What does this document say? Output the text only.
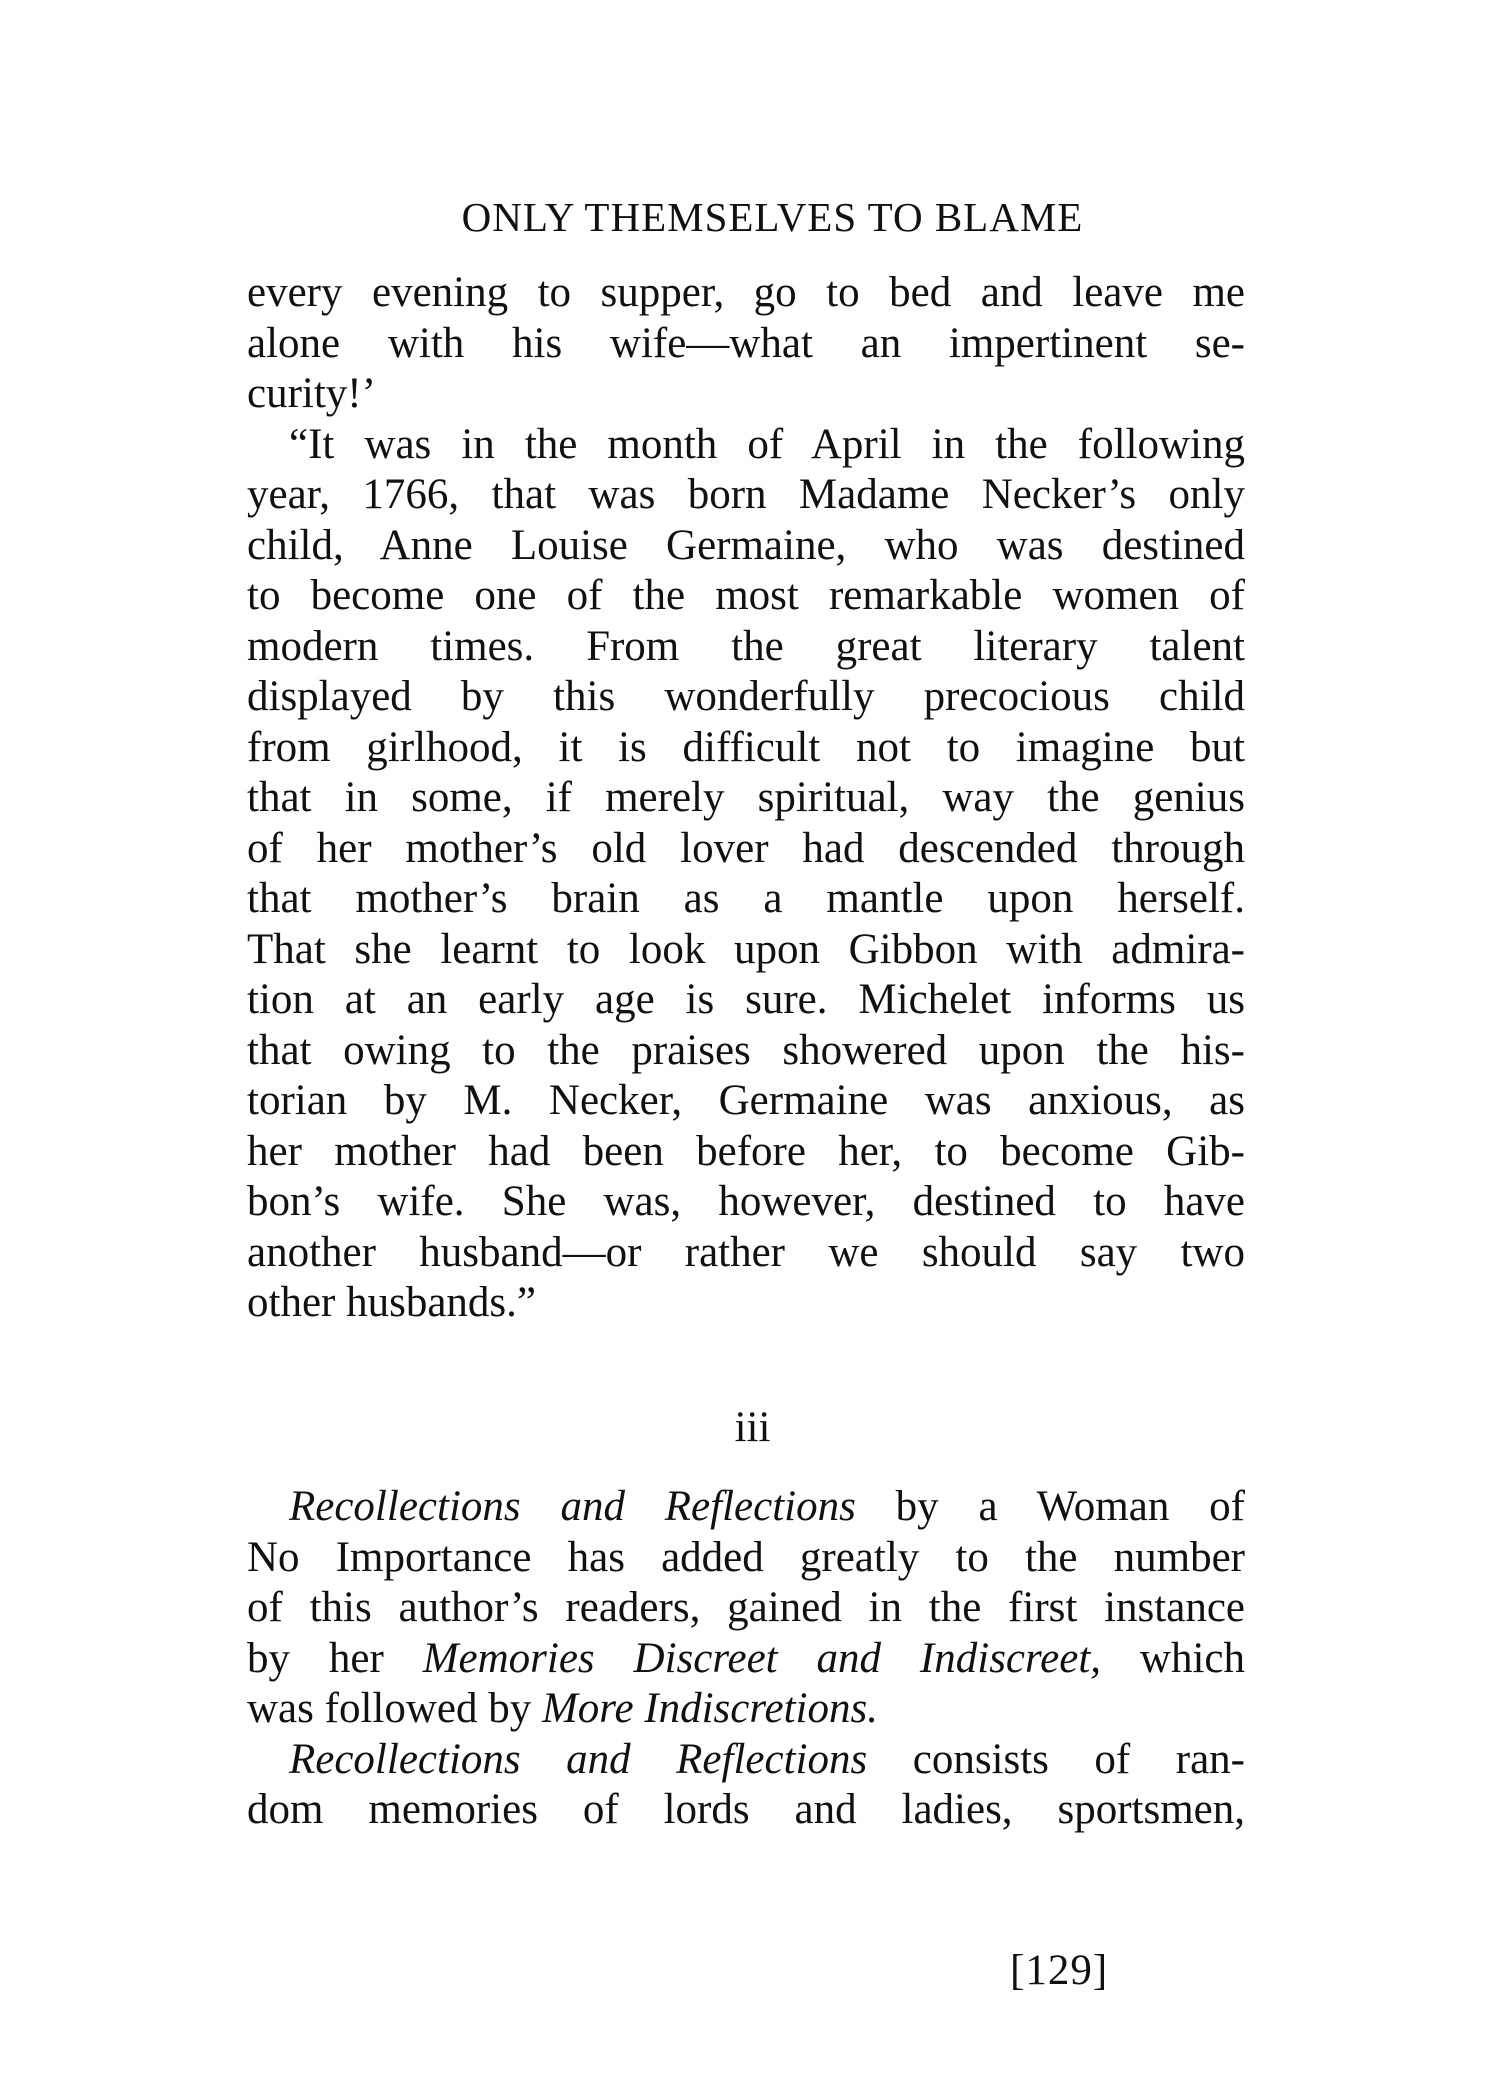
ONLY THEMSELVES TO BLAME
every evening to supper, go to bed and leave me
alone with his wife—what an impertinent se-
curity!’
“It was in the month of April in the following
year, 1766, that was born Madame Necker’s only
child, Anne Louise Germaine, who was destined
to become one of the most remarkable women of
modern times. From the great literary talent
displayed by this wonderfully precocious child
from girlhood, it is difficult not to imagine but
that in some, if merely spiritual, way the genius
of her mother’s old lover had descended through
that mother’s brain as a mantle upon herself.
That she learnt to look upon Gibbon with admira-
tion at an early age is sure. Michelet informs us
that owing to the praises showered upon the his-
torian by M. Necker, Germaine was anxious, as
her mother had been before her, to become Gib-
bon’s wife. She was, however, destined to have
another husband—or rather we should say two
other husbands.”
iii
Recollections and Reflections by a Woman of
No Importance has added greatly to the number
of this author’s readers, gained in the first instance
by her Memories Discreet and Indiscreet, which
was followed by More Indiscretions.
Recollections and Reflections consists of ran-
dom memories of lords and ladies, sportsmen,
[129]
